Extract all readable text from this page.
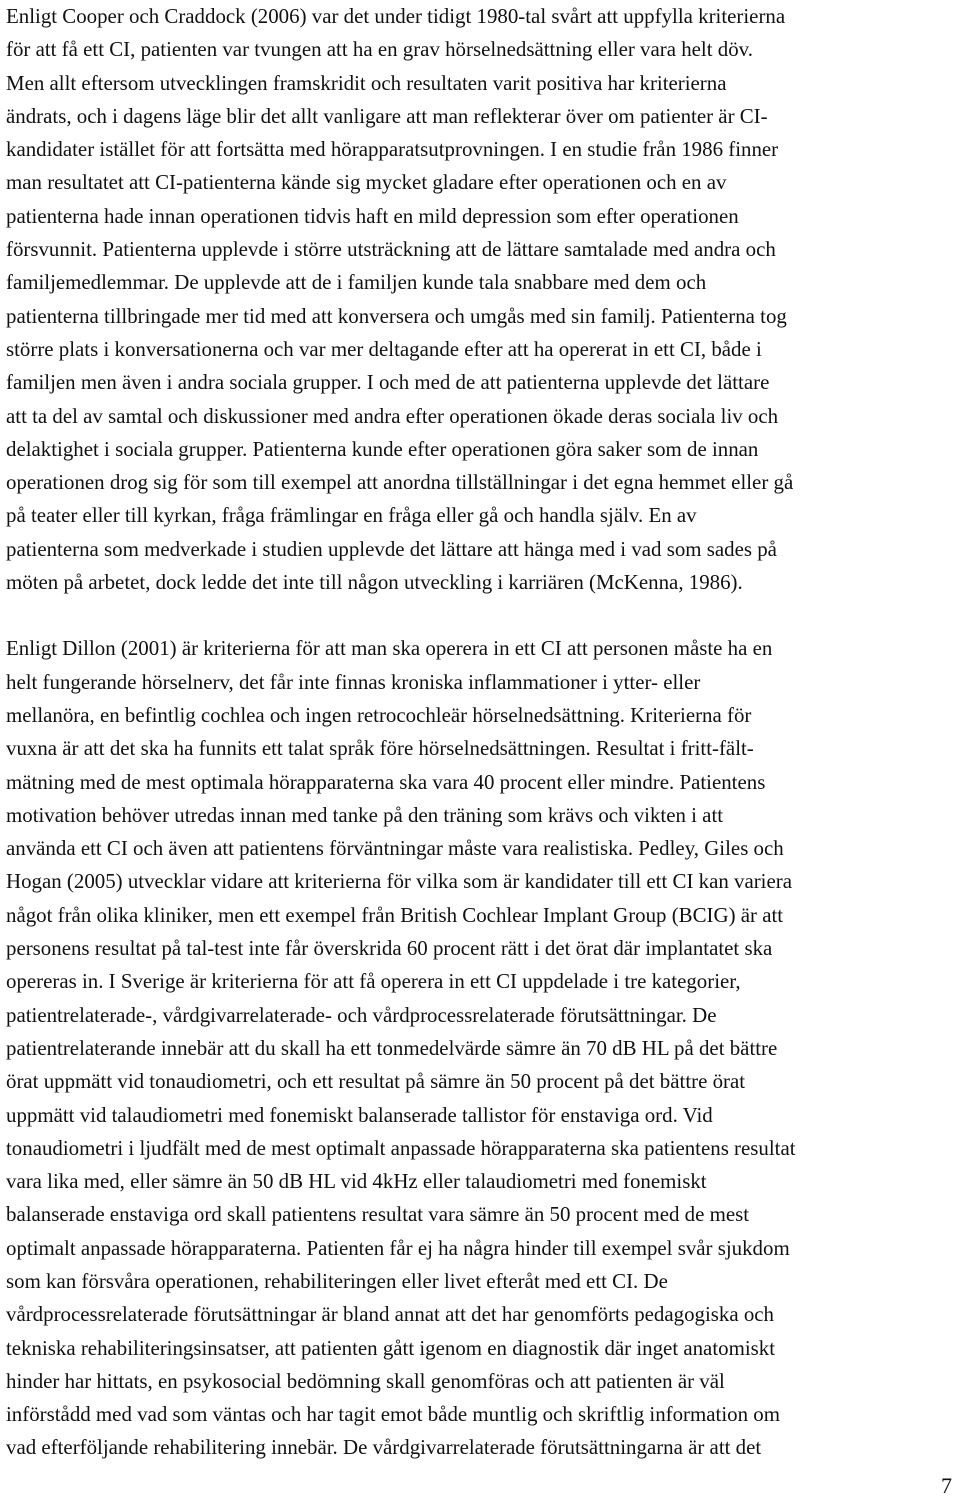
Enligt Cooper och Craddock (2006) var det under tidigt 1980-tal svårt att uppfylla kriterierna
för att få ett CI, patienten var tvungen att ha en grav hörselnedsättning eller vara helt döv.
Men allt eftersom utvecklingen framskridit och resultaten varit positiva har kriterierna
ändrats, och i dagens läge blir det allt vanligare att man reflekterar över om patienter är CI-
kandidater istället för att fortsätta med hörapparatsutprovningen. I en studie från 1986 finner
man resultatet att CI-patienterna kände sig mycket gladare efter operationen och en av
patienterna hade innan operationen tidvis haft en mild depression som efter operationen
försvunnit. Patienterna upplevde i större utsträckning att de lättare samtalade med andra och
familjemedlemmar. De upplevde att de i familjen kunde tala snabbare med dem och
patienterna tillbringade mer tid med att konversera och umgås med sin familj. Patienterna tog
större plats i konversationerna och var mer deltagande efter att ha opererat in ett CI, både i
familjen men även i andra sociala grupper. I och med de att patienterna upplevde det lättare
att ta del av samtal och diskussioner med andra efter operationen ökade deras sociala liv och
delaktighet i sociala grupper. Patienterna kunde efter operationen göra saker som de innan
operationen drog sig för som till exempel att anordna tillställningar i det egna hemmet eller gå
på teater eller till kyrkan, fråga främlingar en fråga eller gå och handla själv. En av
patienterna som medverkade i studien upplevde det lättare att hänga med i vad som sades på
möten på arbetet, dock ledde det inte till någon utveckling i karriären (McKenna, 1986).

Enligt Dillon (2001) är kriterierna för att man ska operera in ett CI att personen måste ha en
helt fungerande hörselnerv, det får inte finnas kroniska inflammationer i ytter- eller
mellanöra, en befintlig cochlea och ingen retrocochleär hörselnedsättning. Kriterierna för
vuxna är att det ska ha funnits ett talat språk före hörselnedsättningen. Resultat i fritt-fält-
mätning med de mest optimala hörapparaterna ska vara 40 procent eller mindre. Patientens
motivation behöver utredas innan med tanke på den träning som krävs och vikten i att
använda ett CI och även att patientens förväntningar måste vara realistiska. Pedley, Giles och
Hogan (2005) utvecklar vidare att kriterierna för vilka som är kandidater till ett CI kan variera
något från olika kliniker, men ett exempel från British Cochlear Implant Group (BCIG) är att
personens resultat på tal-test inte får överskrida 60 procent rätt i det örat där implantatet ska
opereras in. I Sverige är kriterierna för att få operera in ett CI uppdelade i tre kategorier,
patientrelaterade-, vårdgivarrelaterade- och vårdprocessrelaterade förutsättningar. De
patientrelaterande innebär att du skall ha ett tonmedelvärde sämre än 70 dB HL på det bättre
örat uppmätt vid tonaudiometri, och ett resultat på sämre än 50 procent på det bättre örat
uppmätt vid talaudiometri med fonemiskt balanserade tallistor för enstaviga ord. Vid
tonaudiometri i ljudfält med de mest optimalt anpassade hörapparaterna ska patientens resultat
vara lika med, eller sämre än 50 dB HL vid 4kHz eller talaudiometri med fonemiskt
balanserade enstaviga ord skall patientens resultat vara sämre än 50 procent med de mest
optimalt anpassade hörapparaterna. Patienten får ej ha några hinder till exempel svår sjukdom
som kan försvåra operationen, rehabiliteringen eller livet efteråt med ett CI. De
vårdprocessrelaterade förutsättningar är bland annat att det har genomförts pedagogiska och
tekniska rehabiliteringsinsatser, att patienten gått igenom en diagnostik där inget anatomiskt
hinder har hittats, en psykosocial bedömning skall genomföras och att patienten är väl
införstådd med vad som väntas och har tagit emot både muntlig och skriftlig information om
vad efterföljande rehabilitering innebär. De vårdgivarrelaterade förutsättningarna är att det

7
